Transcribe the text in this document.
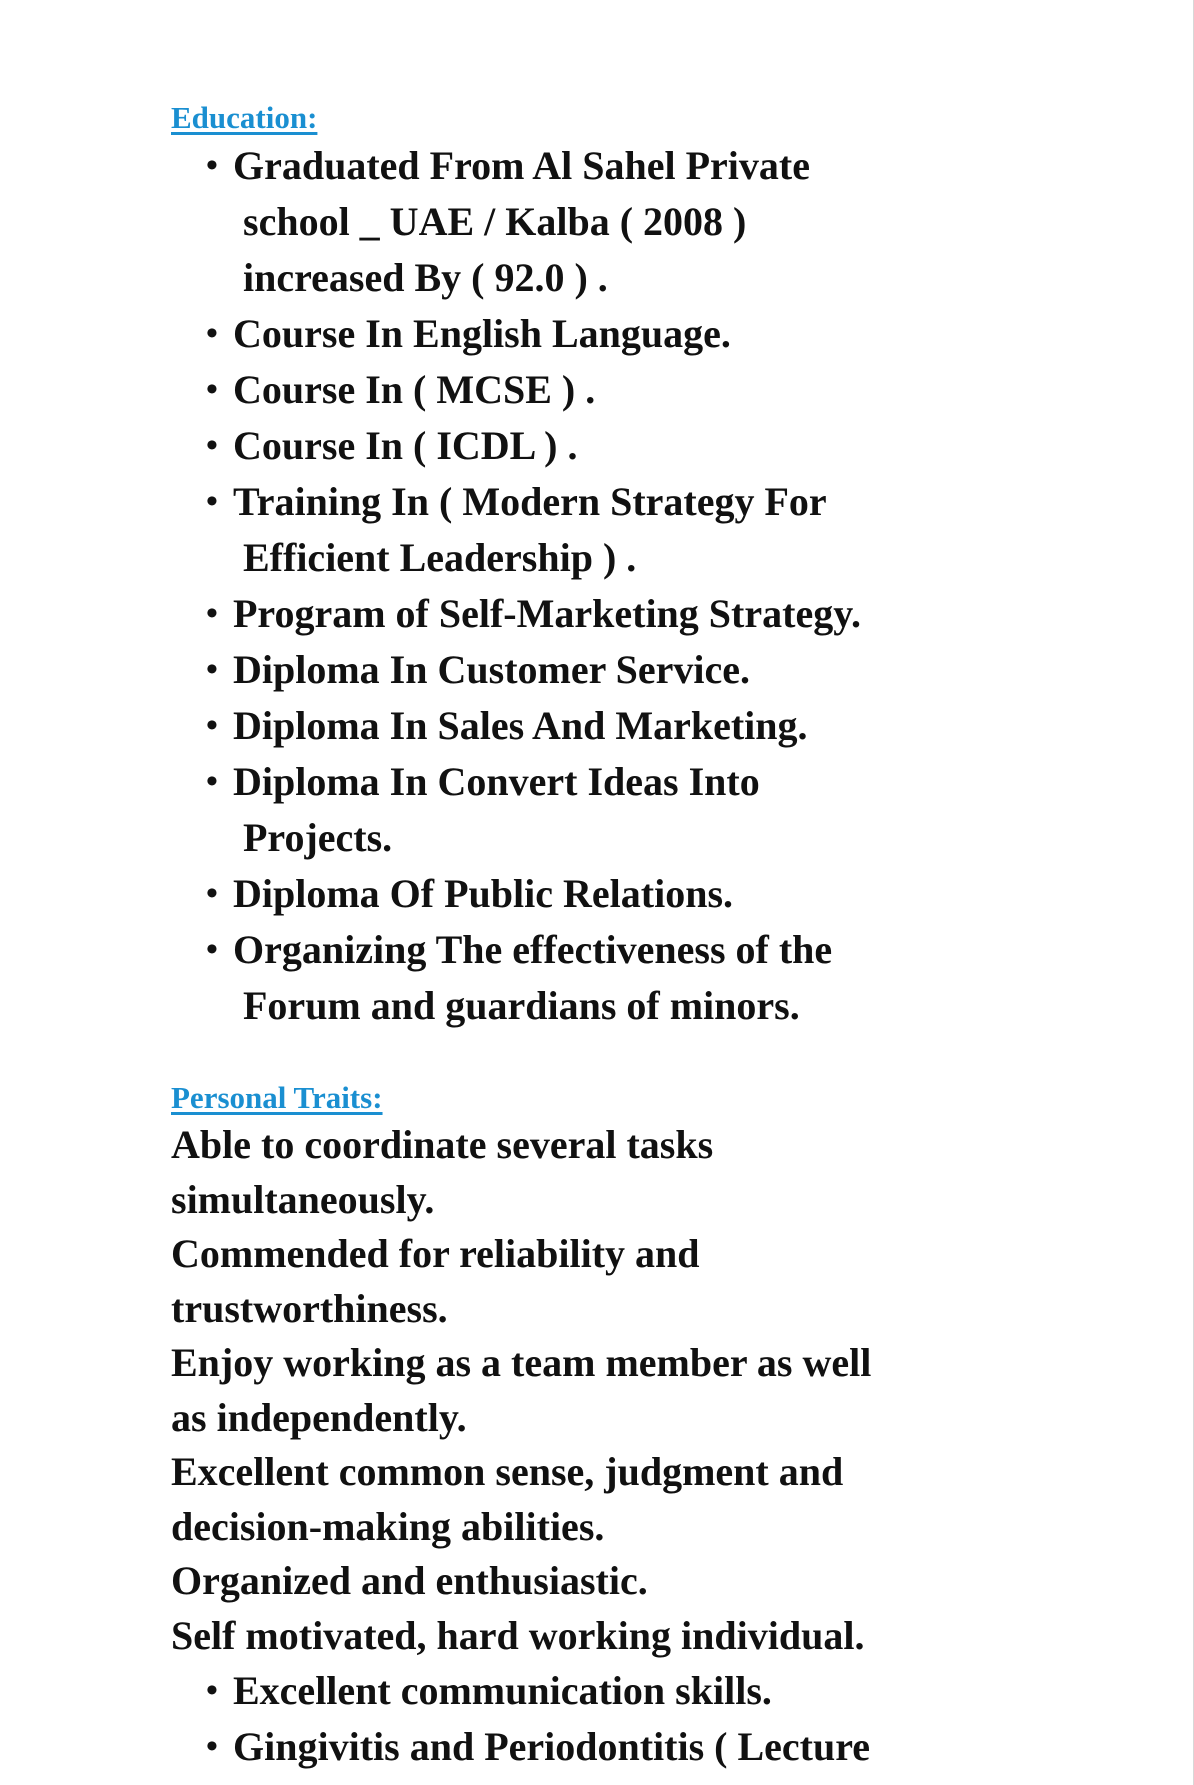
Education:
• Graduated From Al Sahel Private
school _ UAE / Kalba ( 2008 )
increased By ( 92.0 ) .
• Course In English Language.
• Course In ( MCSE ) .
• Course In ( ICDL ) .
• Training In ( Modern Strategy For
Efficient Leadership ) .
• Program of Self-Marketing Strategy.
• Diploma In Customer Service.
• Diploma In Sales And Marketing.
• Diploma In Convert Ideas Into
Projects.
• Diploma Of Public Relations.
• Organizing The effectiveness of the
Forum and guardians of minors.
Personal Traits:

Able to coordinate several tasks

simultaneously.

Commended for reliability and

trustworthiness.

Enjoy working as a team member as well

as independently.

Excellent common sense, judgment and

decision-making abilities.

Organized and enthusiastic.

Self motivated, hard working individual.

• Excellent communication skills.
• Gingivitis and Periodontitis ( Lecture
